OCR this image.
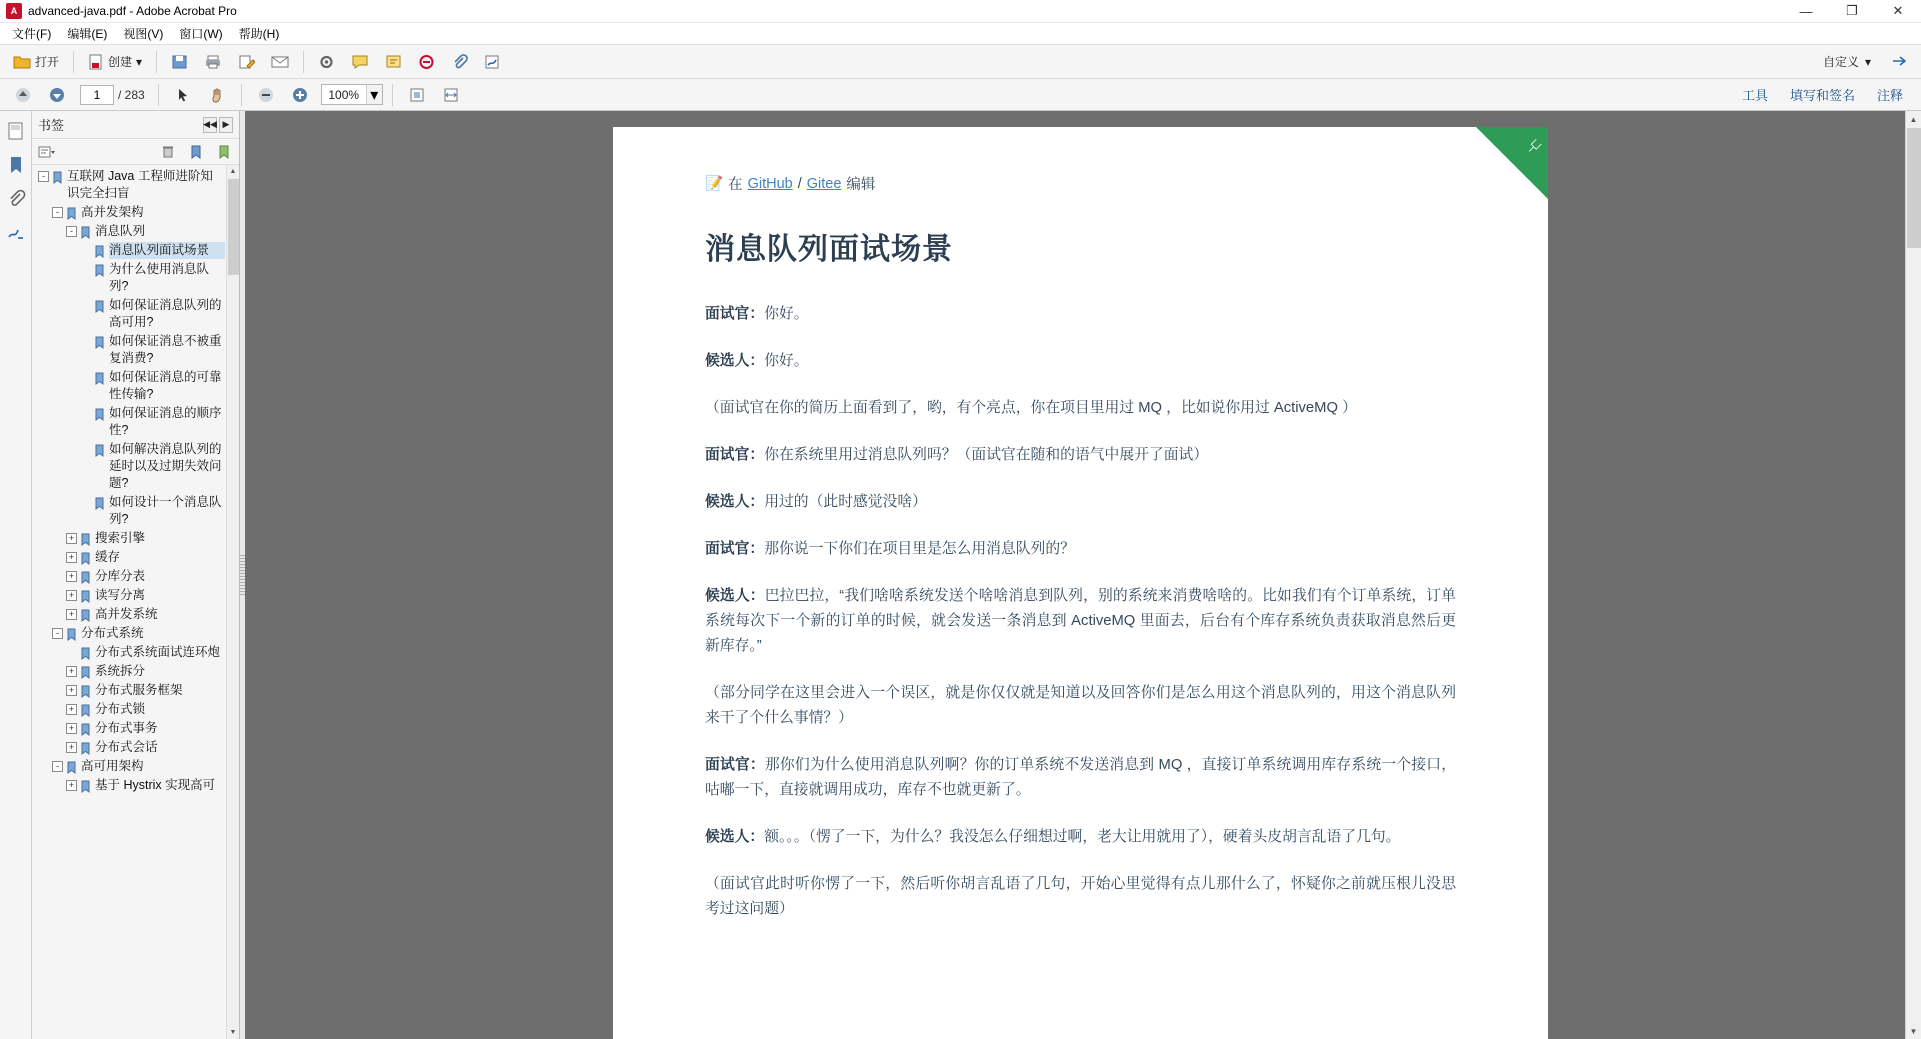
A advanced-java.pdf - Adobe Acrobat Pro	—	❐	✕
文件(F)	编辑(E)	视图(V)	窗口(W)	帮助(H)
打开	创建 ▾	自定义 ▾
1
/ 283	100% ▾	工具 填写和签名 注释
书签	◀◀ ▶
-	互联网 Java 工程师进阶知识完全扫盲
-	高并发架构
-	消息队列
消息队列面试场景
为什么使用消息队列?
如何保证消息队列的高可用?
如何保证消息不被重复消费?
如何保证消息的可靠性传输?
如何保证消息的顺序性?
如何解决消息队列的延时以及过期失效问题?
如何设计一个消息队列?
+ 搜索引擎
+ 缓存
+ 分库分表
+ 读写分离
+ 高并发系统
-	分布式系统
分布式系统面试连环炮
+ 系统拆分
+ 分布式服务框架
+ 分布式锁
+ 分布式事务
+ 分布式会话
-	高可用架构
+ 基于 Hystrix 实现高可
▲
▼
⑂
📝 在 GitHub / Gitee 编辑
消息队列面试场景

面试官：你好。

候选人：你好。

（面试官在你的简历上面看到了，哟，有个亮点，你在项目里用过 MQ ，比如说你用过 ActiveMQ ）

面试官：你在系统里用过消息队列吗？（面试官在随和的语气中展开了面试）

候选人：用过的（此时感觉没啥）

面试官：那你说一下你们在项目里是怎么用消息队列的？

候选人：巴拉巴拉，“我们啥啥系统发送个啥啥消息到队列，别的系统来消费啥啥的。比如我们有个订单系统，订单系统每次下一个新的订单的时候，就会发送一条消息到 ActiveMQ 里面去，后台有个库存系统负责获取消息然后更新库存。”

（部分同学在这里会进入一个误区，就是你仅仅就是知道以及回答你们是怎么用这个消息队列的，用这个消息队列来干了个什么事情？）

面试官：那你们为什么使用消息队列啊？你的订单系统不发送消息到 MQ ，直接订单系统调用库存系统一个接口，咕嘟一下，直接就调用成功，库存不也就更新了。

候选人：额。。。（愣了一下，为什么？我没怎么仔细想过啊，老大让用就用了），硬着头皮胡言乱语了几句。

（面试官此时听你愣了一下，然后听你胡言乱语了几句，开始心里觉得有点儿那什么了，怀疑你之前就压根儿没思考过这问题）

▲
▼
